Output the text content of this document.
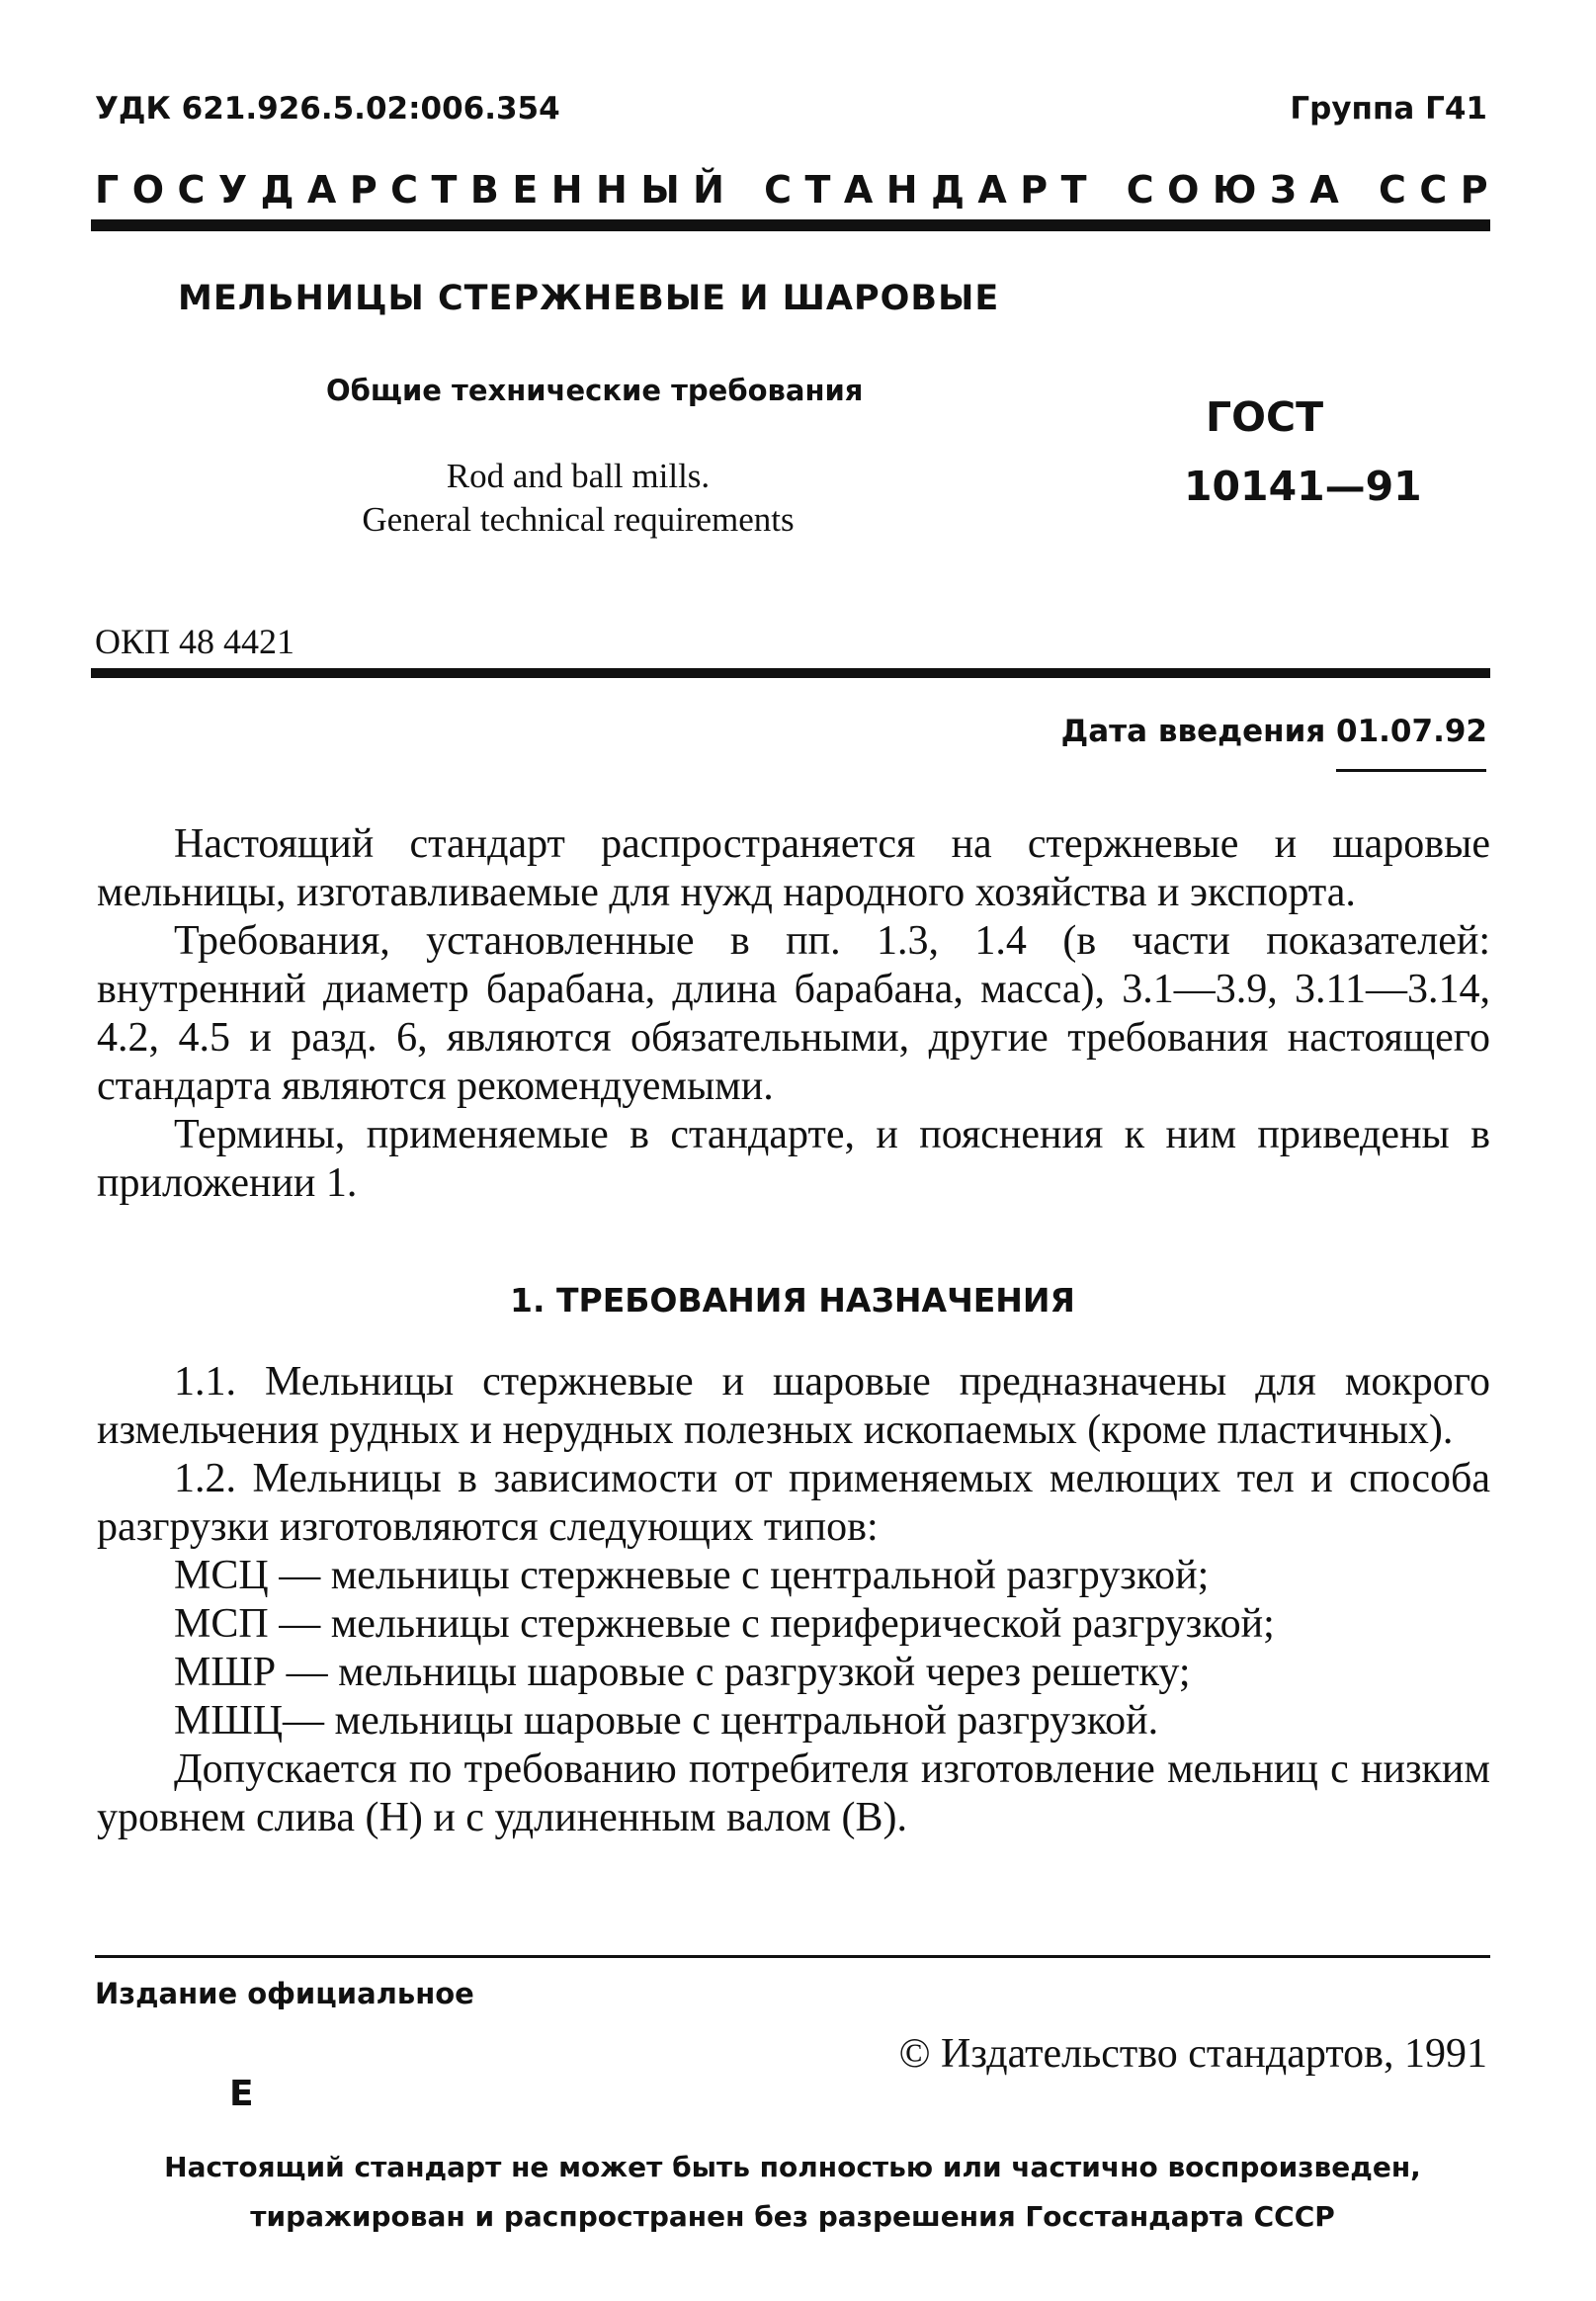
УДК 621.926.5.02:006.354	Группа Г41
Г О С У Д А Р С Т В Е Н Н Ы Й
С Т А Н Д А Р Т
С О Ю З А
С С Р
МЕЛЬНИЦЫ СТЕРЖНЕВЫЕ И ШАРОВЫЕ
Общие технические требования
Rod and ball mills.
General technical requirements
ГОСТ
10141—91
ОКП 48 4421
Дата введения 01.07.92

Настоящий стандарт распространяется на стержневые и шаровые мельницы, изготавливаемые для нужд народного хозяйства и экспорта.

Требования, установленные в пп. 1.3, 1.4 (в части показателей: внутренний диаметр барабана, длина барабана, масса), 3.1—3.9, 3.11—3.14, 4.2, 4.5 и разд. 6, являются обязательными, другие требования настоящего стандарта являются рекомендуемыми.

Термины, применяемые в стандарте, и пояснения к ним приведены в приложении 1.

1. ТРЕБОВАНИЯ НАЗНАЧЕНИЯ

1.1. Мельницы стержневые и шаровые предназначены для мокрого измельчения рудных и нерудных полезных ископаемых (кроме пластичных).

1.2. Мельницы в зависимости от применяемых мелющих тел и способа разгрузки изготовляются следующих типов:

МСЦ — мельницы стержневые с центральной разгрузкой;
МСП — мельницы стержневые с периферической разгрузкой;
МШР — мельницы шаровые с разгрузкой через решетку;
МШЦ— мельницы шаровые с центральной разгрузкой.

Допускается по требованию потребителя изготовление мельниц с низким уровнем слива (Н) и с удлиненным валом (В).

Издание официальное
© Издательство стандартов, 1991
Е
Настоящий стандарт не может быть полностью или частично воспроизведен,
тиражирован и распространен без разрешения Госстандарта СССР
